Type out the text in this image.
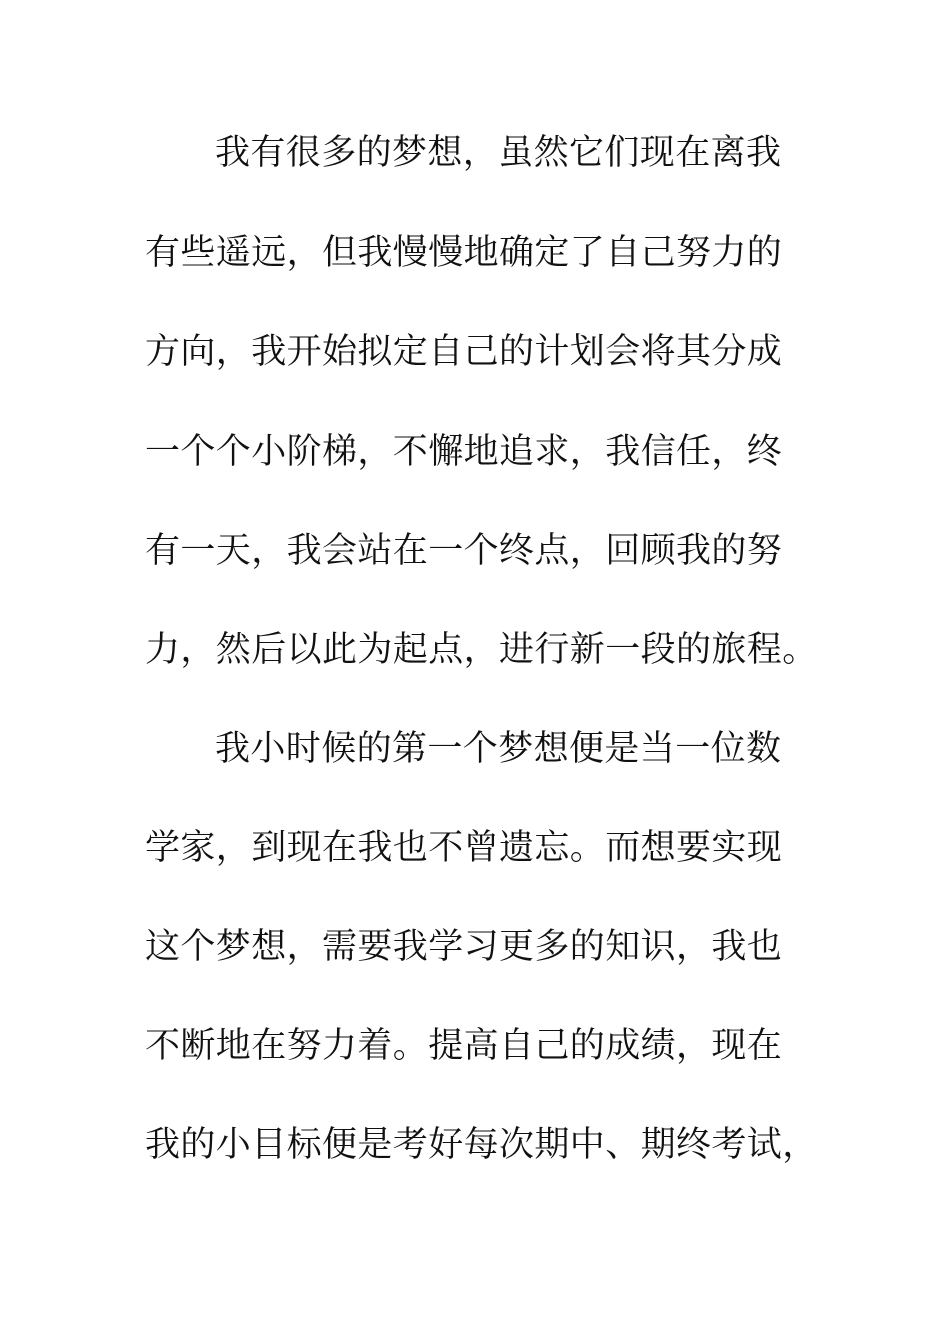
我有很多的梦想，虽然它们现在离我
有些遥远，但我慢慢地确定了自己努力的
方向，我开始拟定自己的计划会将其分成
一个个小阶梯，不懈地追求，我信任，终
有一天，我会站在一个终点，回顾我的努
力，然后以此为起点，进行新一段的旅程。
我小时候的第一个梦想便是当一位数
学家，到现在我也不曾遗忘。而想要实现
这个梦想，需要我学习更多的知识，我也
不断地在努力着。提高自己的成绩，现在
我的小目标便是考好每次期中、期终考试，
